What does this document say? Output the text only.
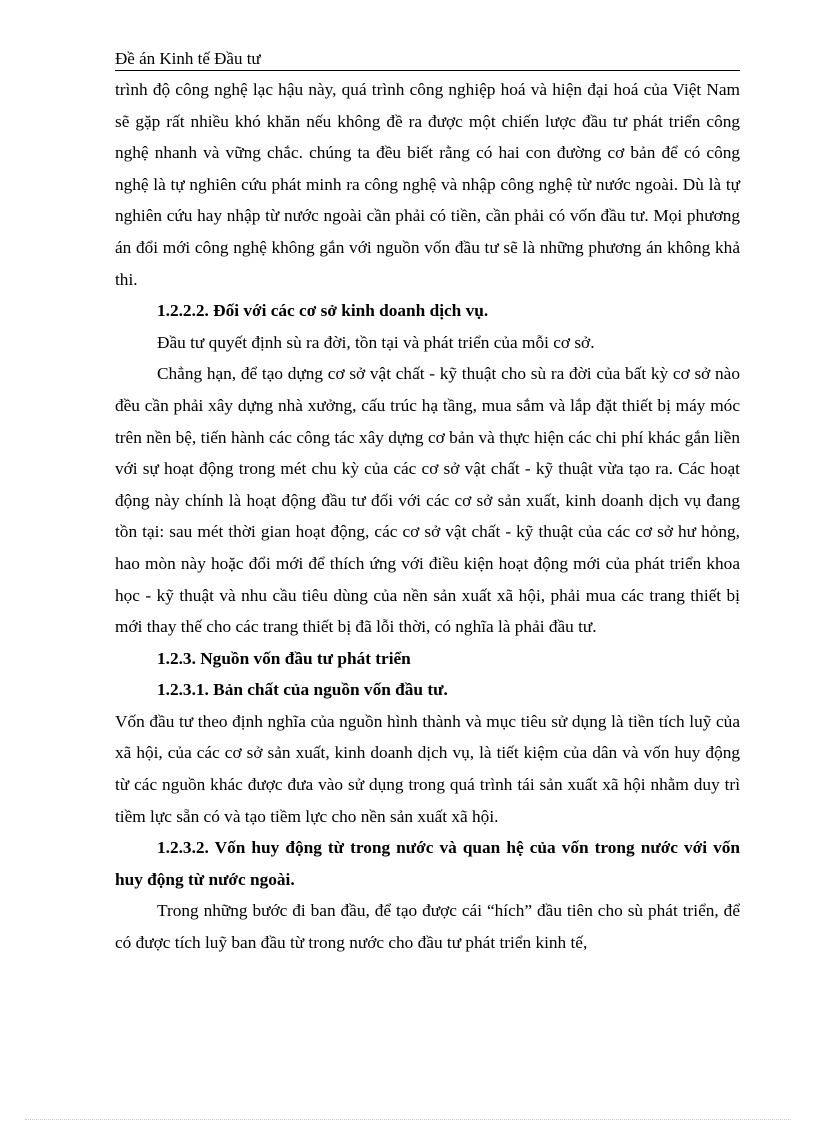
Đề án Kinh tế Đầu tư

trình độ công nghệ lạc hậu này, quá trình công nghiệp hoá và hiện đại hoá của Việt Nam sẽ gặp rất nhiều khó khăn nếu không đề ra được một chiến lược đầu tư phát triển công nghệ nhanh và vững chắc. chúng ta đều biết rằng có hai con đường cơ bản để có công nghệ là tự nghiên cứu phát minh ra công nghệ và nhập công nghệ từ nước ngoài. Dù là tự nghiên cứu hay nhập từ nước ngoài cần phải có tiền, cần phải có vốn đầu tư. Mọi phương án đổi mới công nghệ không gắn với nguồn vốn đầu tư sẽ là những phương án không khả thi.

1.2.2.2. Đối với các cơ sở kinh doanh dịch vụ.

Đầu tư quyết định sù ra đời, tồn tại và phát triển của mỗi cơ sở.

Chẳng hạn, để tạo dựng cơ sở vật chất - kỹ thuật cho sù ra đời của bất kỳ cơ sở nào đều cần phải xây dựng nhà xưởng, cấu trúc hạ tầng, mua sắm và lắp đặt thiết bị máy móc trên nền bệ, tiến hành các công tác xây dựng cơ bản và thực hiện các chi phí khác gắn liền với sự hoạt động trong mét chu kỳ của các cơ sở vật chất - kỹ thuật vừa tạo ra. Các hoạt động này chính là hoạt động đầu tư đối với các cơ sở sản xuất, kinh doanh dịch vụ đang tồn tại: sau mét thời gian hoạt động, các cơ sở vật chất - kỹ thuật của các cơ sở hư hỏng, hao mòn này hoặc đổi mới để thích ứng với điều kiện hoạt động mới của phát triển khoa học - kỹ thuật và nhu cầu tiêu dùng của nền sản xuất xã hội, phải mua các trang thiết bị mới thay thế cho các trang thiết bị đã lỗi thời, có nghĩa là phải đầu tư.

1.2.3. Nguồn vốn đầu tư phát triển

1.2.3.1. Bản chất của nguồn vốn đầu tư.

Vốn đầu tư theo định nghĩa của nguồn hình thành và mục tiêu sử dụng là tiền tích luỹ của xã hội, của các cơ sở sản xuất, kinh doanh dịch vụ, là tiết kiệm của dân và vốn huy động từ các nguồn khác được đưa vào sử dụng trong quá trình tái sản xuất xã hội nhằm duy trì tiềm lực sẵn có và tạo tiềm lực cho nền sản xuất xã hội.

1.2.3.2. Vốn huy động từ trong nước và quan hệ của vốn trong nước với vốn huy động từ nước ngoài.

Trong những bước đi ban đầu, để tạo được cái “hích” đầu tiên cho sù phát triển, để có được tích luỹ ban đầu từ trong nước cho đầu tư phát triển kinh tế,
